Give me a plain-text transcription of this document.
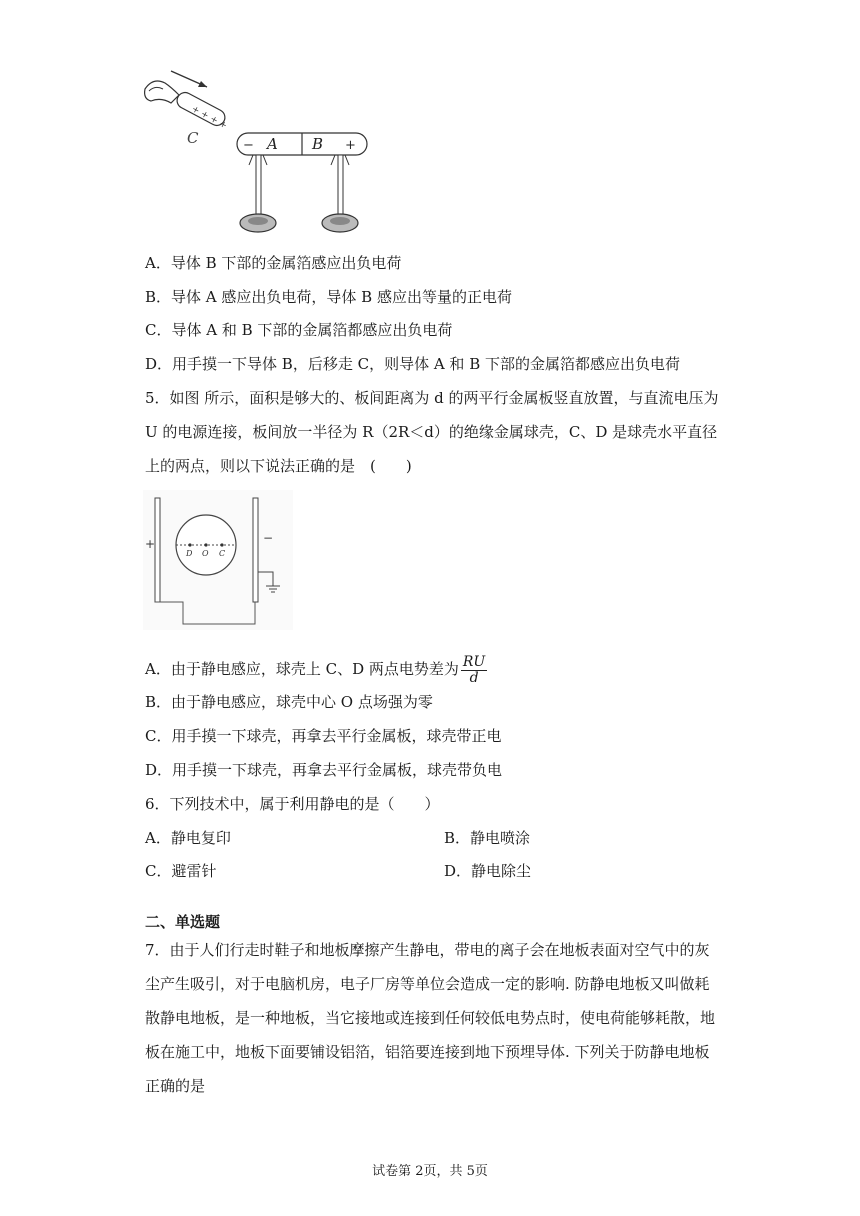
+ + + +
C	− A B +
A．导体 B 下部的金属箔感应出负电荷
B．导体 A 感应出负电荷，导体 B 感应出等量的正电荷
C．导体 A 和 B 下部的金属箔都感应出负电荷
D．用手摸一下导体 B，后移走 C，则导体 A 和 B 下部的金属箔都感应出负电荷
5．如图 所示，面积是够大的、板间距离为 d 的两平行金属板竖直放置，与直流电压为
U 的电源连接，板间放一半径为 R（2R＜d）的绝缘金属球壳，C、D 是球壳水平直径
上的两点，则以下说法正确的是　(　　)
+	−
D O C
A．由于静电感应，球壳上 C、D 两点电势差为 $\frac{RU}{d}$
B．由于静电感应，球壳中心 O 点场强为零
C．用手摸一下球壳，再拿去平行金属板，球壳带正电
D．用手摸一下球壳，再拿去平行金属板，球壳带负电
6．下列技术中，属于利用静电的是（　　）
A．静电复印	B．静电喷涂
C．避雷针	D．静电除尘
二、单选题
7．由于人们行走时鞋子和地板摩擦产生静电，带电的离子会在地板表面对空气中的灰
尘产生吸引，对于电脑机房，电子厂房等单位会造成一定的影响. 防静电地板又叫做耗
散静电地板，是一种地板，当它接地或连接到任何较低电势点时，使电荷能够耗散，地
板在施工中，地板下面要铺设铝箔，铝箔要连接到地下预埋导体. 下列关于防静电地板
正确的是
试卷第 2页，共 5页
